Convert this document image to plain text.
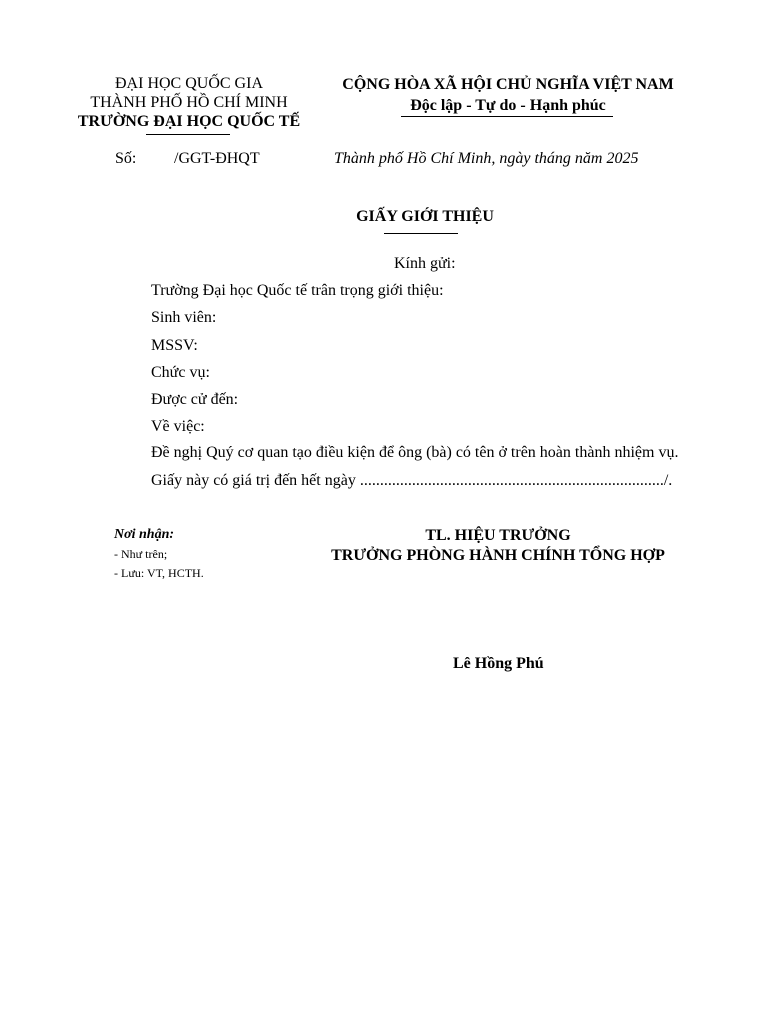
ĐẠI HỌC QUỐC GIA
THÀNH PHỐ HỒ CHÍ MINH
TRƯỜNG ĐẠI HỌC QUỐC TẾ
CỘNG HÒA XÃ HỘI CHỦ NGHĨA VIỆT NAM
Độc lập - Tự do - Hạnh phúc
Số: /GGT-ĐHQT	Thành phố Hồ Chí Minh, ngày tháng năm 2025
GIẤY GIỚI THIỆU
Kính gửi:
Trường Đại học Quốc tế trân trọng giới thiệu:
Sinh viên:
MSSV:
Chức vụ:
Được cử đến:
Về việc:
Đề nghị Quý cơ quan tạo điều kiện để ông (bà) có tên ở trên hoàn thành nhiệm vụ.
Giấy này có giá trị đến hết ngày ............................................................................/.
Nơi nhận:
- Như trên;
- Lưu: VT, HCTH.
TL. HIỆU TRƯỞNG
TRƯỞNG PHÒNG HÀNH CHÍNH TỔNG HỢP
Lê Hồng Phú
